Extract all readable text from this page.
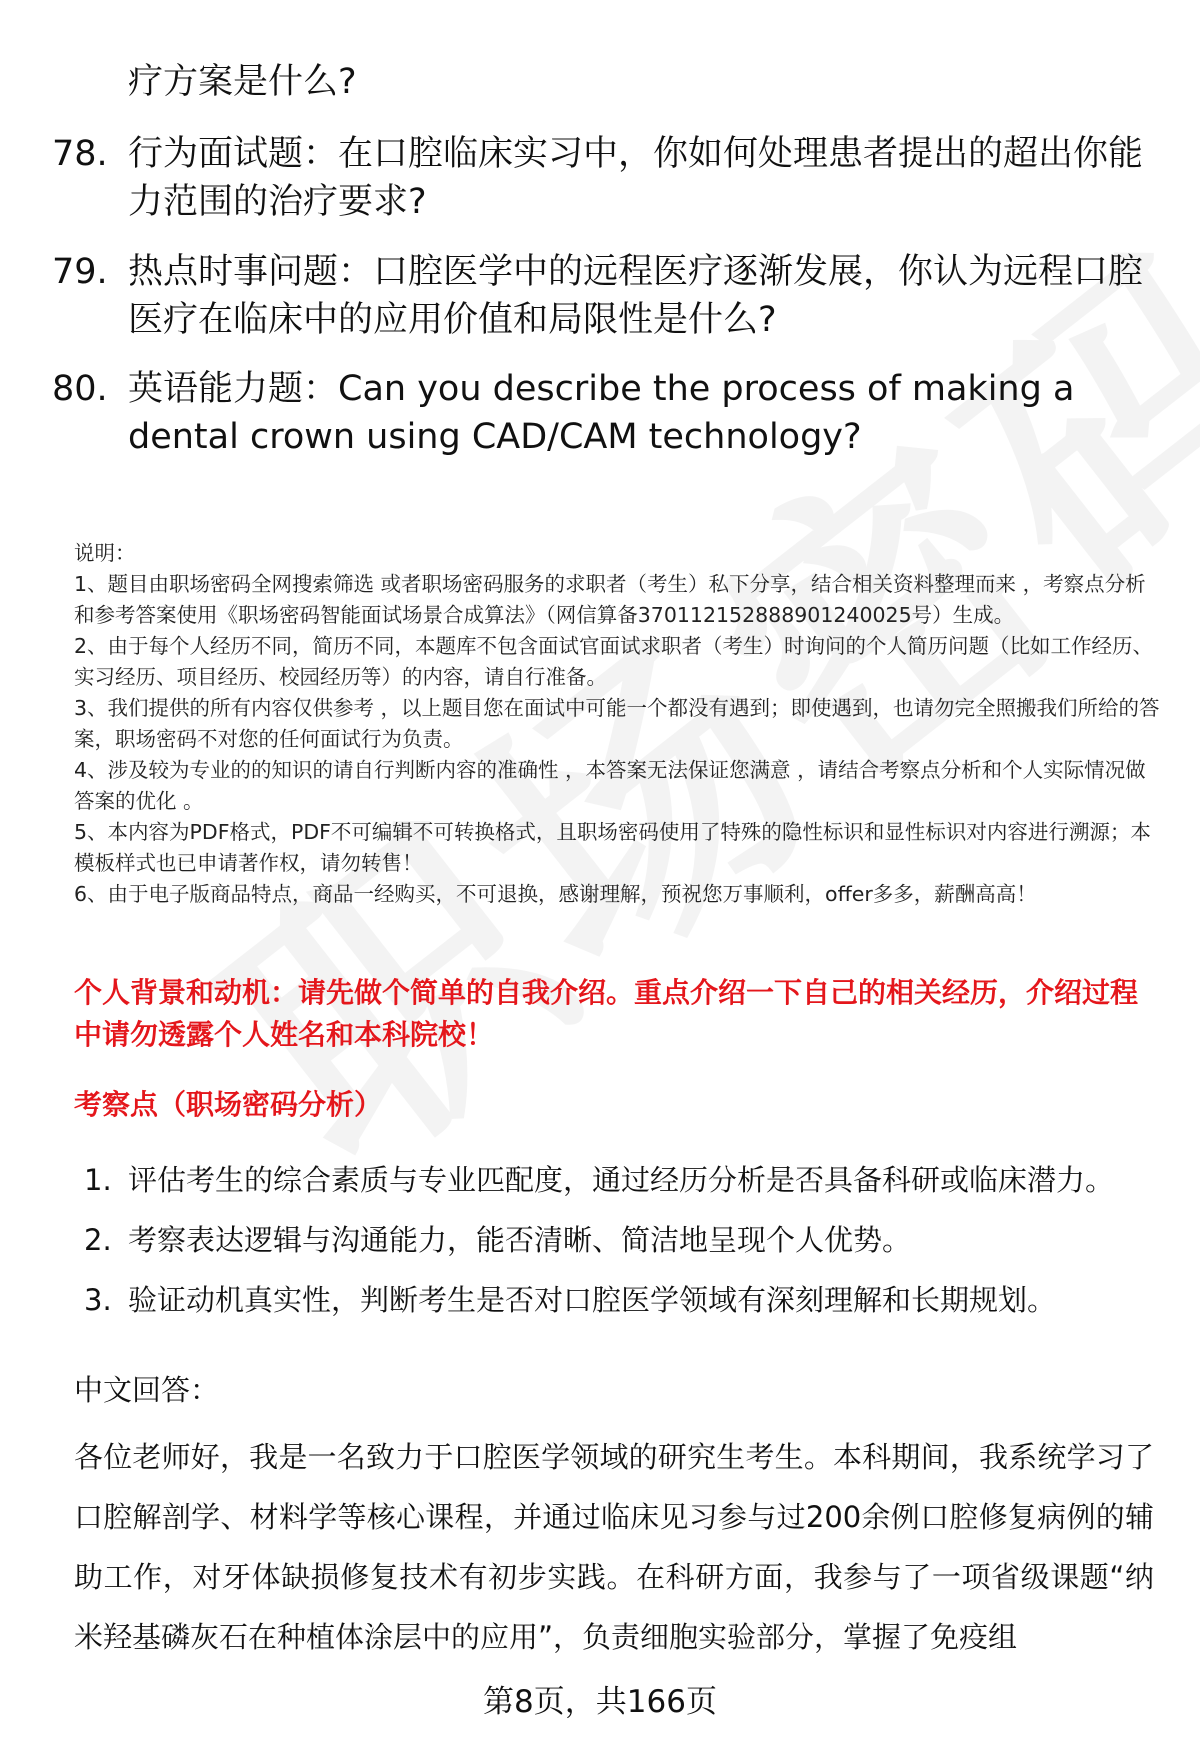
疗方案是什么?

78. 行为面试题：在口腔临床实习中，你如何处理患者提出的超出你能力范围的治疗要求?
79. 热点时事问题：口腔医学中的远程医疗逐渐发展，你认为远程口腔医疗在临床中的应用价值和局限性是什么?
80. 英语能力题：Can you describe the process of making a dental crown using CAD/CAM technology?
说明：
1、题目由职场密码全网搜索筛选 或者职场密码服务的求职者（考生）私下分享，结合相关资料整理而来 ，考察点分析和参考答案使用《职场密码智能面试场景合成算法》（网信算备370112152888901240025号）生成。
2、由于每个人经历不同，简历不同，本题库不包含面试官面试求职者（考生）时询问的个人简历问题（比如工作经历、实习经历、项目经历、校园经历等）的内容，请自行准备。
3、我们提供的所有内容仅供参考 ，以上题目您在面试中可能一个都没有遇到；即使遇到，也请勿完全照搬我们所给的答案，职场密码不对您的任何面试行为负责。
4、涉及较为专业的的知识的请自行判断内容的准确性 ，本答案无法保证您满意 ，请结合考察点分析和个人实际情况做答案的优化 。
5、本内容为PDF格式，PDF不可编辑不可转换格式，且职场密码使用了特殊的隐性标识和显性标识对内容进行溯源；本模板样式也已申请著作权，请勿转售！
6、由于电子版商品特点，商品一经购买，不可退换，感谢理解，预祝您万事顺利，offer多多，薪酬高高！
个人背景和动机：请先做个简单的自我介绍。重点介绍一下自己的相关经历，介绍过程中请勿透露个人姓名和本科院校！
考察点（职场密码分析）
1. 评估考生的综合素质与专业匹配度，通过经历分析是否具备科研或临床潜力。
2. 考察表达逻辑与沟通能力，能否清晰、简洁地呈现个人优势。
3. 验证动机真实性，判断考生是否对口腔医学领域有深刻理解和长期规划。
中文回答：
各位老师好，我是一名致力于口腔医学领域的研究生考生。本科期间，我系统学习了口腔解剖学、材料学等核心课程，并通过临床见习参与过200余例口腔修复病例的辅助工作，对牙体缺损修复技术有初步实践。在科研方面，我参与了一项省级课题“纳米羟基磷灰石在种植体涂层中的应用”，负责细胞实验部分，掌握了免疫组
第8页，共166页
